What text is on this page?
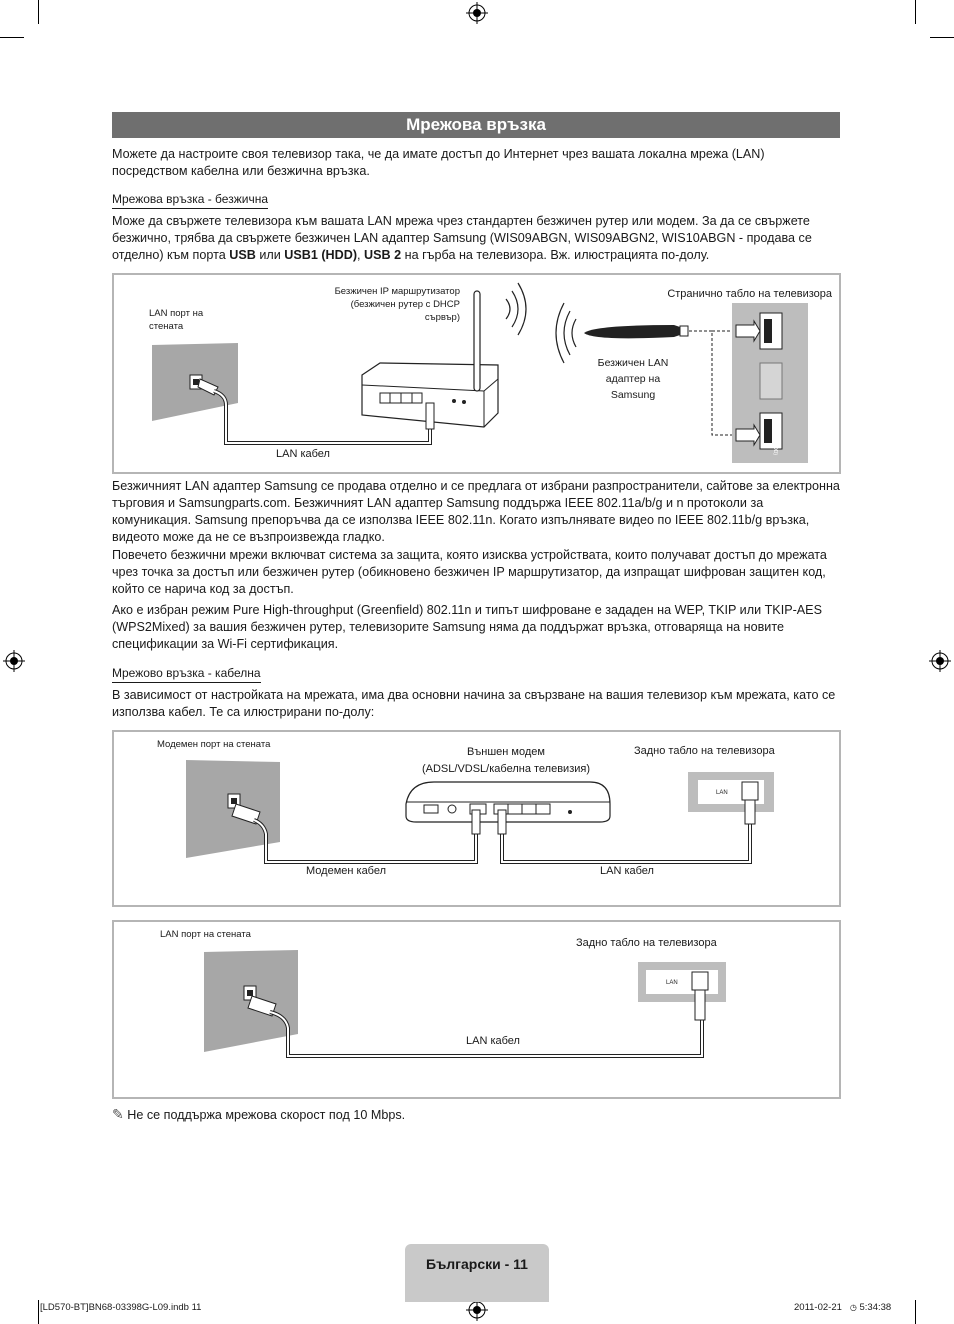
Мрежова връзка
Можете да настроите своя телевизор така, че да имате достъп до Интернет чрез вашата локална мрежа (LAN) посредством кабелна или безжична връзка.
Мрежова връзка - безжична
Може да свържете телевизора към вашата LAN мрежа чрез стандартен безжичен рутер или модем. За да се свържете безжично, трябва да свържете безжичен LAN адаптер Samsung (WIS09ABGN, WIS09ABGN2, WIS10ABGN - продава се отделно) към порта USB или USB1 (HDD), USB 2 на гърба на телевизора. Вж. илюстрацията по-долу.
USB 2
USB 1 (HDD)
LAN порт на стената
Безжичен IP маршрутизатор (безжичен рутер с DHCP сървър)
Странично табло на телевизора
Безжичен LAN адаптер на Samsung
LAN кабел
Безжичният LAN адаптер Samsung се продава отделно и се предлага от избрани разпространители, сайтове за електронна търговия и Samsungparts.com. Безжичният LAN адаптер Samsung поддържа IEEE 802.11a/b/g и n протоколи за комуникация. Samsung препоръчва да се използва IEEE 802.11n. Когато изпълнявате видео по IEEE 802.11b/g връзка, видеото може да не се възпроизвежда гладко.
Повечето безжични мрежи включват система за защита, която изисква устройствата, които получават достъп до мрежата чрез точка за достъп или безжичен рутер (обикновено безжичен IP маршрутизатор, да изпращат шифрован защитен код, който се нарича код за достъп.
Ако е избран режим Pure High-throughput (Greenfield) 802.11n и типът шифроване е зададен на WEP, TKIP или TKIP-AES (WPS2Mixed) за вашия безжичен рутер, телевизорите Samsung няма да поддържат връзка, отговаряща на новите спецификации за Wi-Fi сертификация.
Мрежово връзка - кабелна
В зависимост от настройката на мрежата, има два основни начина за свързване на вашия телевизор към мрежата, като се използва кабел. Те са илюстрирани по-долу:
LAN
Модемен порт на стената
Външен модем
(ADSL/VDSL/кабелна телевизия)
Задно табло на телевизора
Модемен кабел	LAN кабел
LAN
LAN порт на стената
Задно табло на телевизора
LAN кабел
✎ Не се поддържа мрежова скорост под 10 Mbps.
Български - 11
[LD570-BT]BN68-03398G-L09.indb 11	2011-02-21 ◷ 5:34:38
